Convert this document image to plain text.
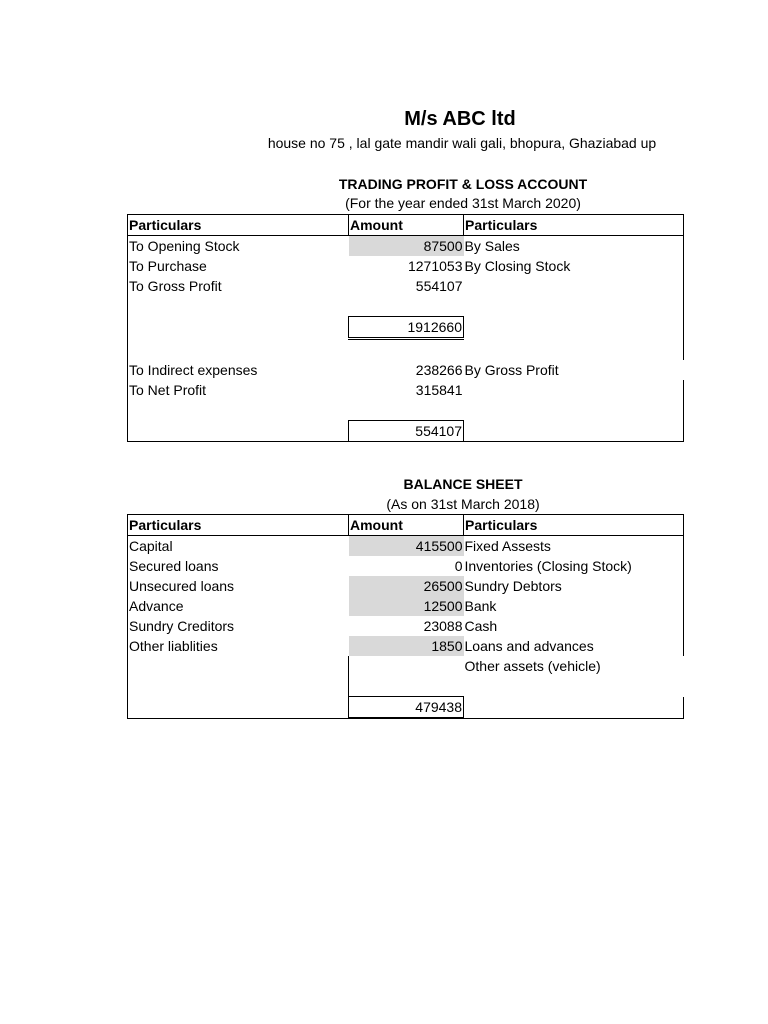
M/s ABC ltd
house no 75 , lal gate mandir wali gali, bhopura, Ghaziabad up
TRADING PROFIT & LOSS ACCOUNT
(For the year ended 31st March 2020)
Particulars	Amount	Particulars
To Opening Stock	87500	By Sales
To Purchase	1271053	By Closing Stock
To Gross Profit	554107	

	1912660	

To Indirect expenses	238266	By Gross Profit
To Net Profit	315841	

	554107	
BALANCE SHEET
(As on 31st March 2018)
Particulars	Amount	Particulars
Capital	415500	Fixed Assests
Secured loans	0	Inventories (Closing Stock)
Unsecured loans	26500	Sundry Debtors
Advance	12500	Bank
Sundry Creditors	23088	Cash
Other liablities	1850	Loans and advances
		Other assets (vehicle)

	479438	
